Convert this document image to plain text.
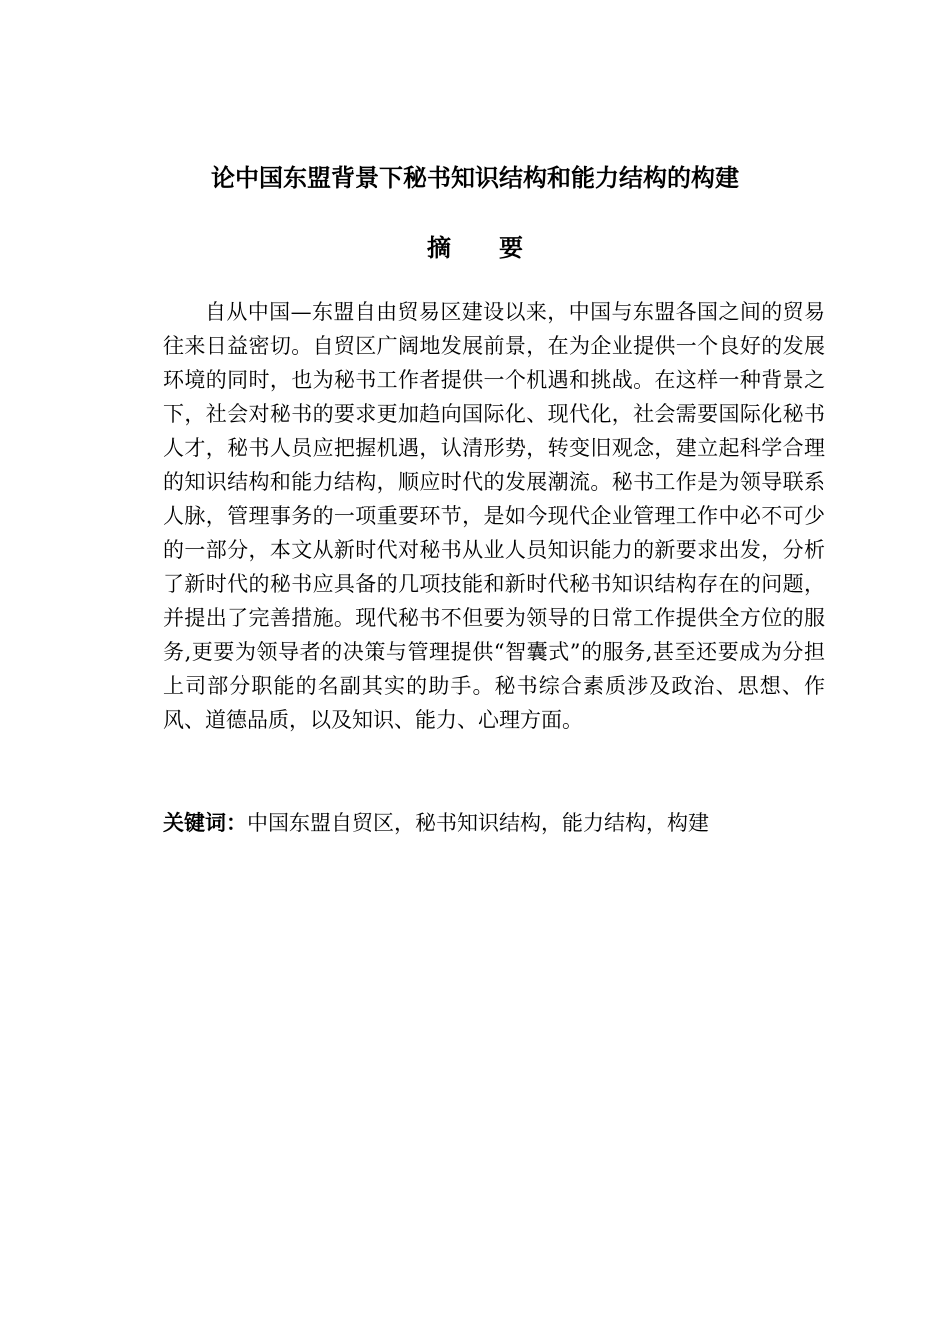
论中国东盟背景下秘书知识结构和能力结构的构建
摘要

自从中国—东盟自由贸易区建设以来，中国与东盟各国之间的贸易往来日益密切。自贸区广阔地发展前景，在为企业提供一个良好的发展环境的同时，也为秘书工作者提供一个机遇和挑战。在这样一种背景之下，社会对秘书的要求更加趋向国际化、现代化，社会需要国际化秘书人才，秘书人员应把握机遇，认清形势，转变旧观念，建立起科学合理的知识结构和能力结构，顺应时代的发展潮流。秘书工作是为领导联系人脉，管理事务的一项重要环节，是如今现代企业管理工作中必不可少的一部分，本文从新时代对秘书从业人员知识能力的新要求出发，分析了新时代的秘书应具备的几项技能和新时代秘书知识结构存在的问题，并提出了完善措施。现代秘书不但要为领导的日常工作提供全方位的服务,更要为领导者的决策与管理提供“智囊式”的服务,甚至还要成为分担上司部分职能的名副其实的助手。秘书综合素质涉及政治、思想、作风、道德品质，以及知识、能力、心理方面。

关键词：中国东盟自贸区，秘书知识结构，能力结构，构建
